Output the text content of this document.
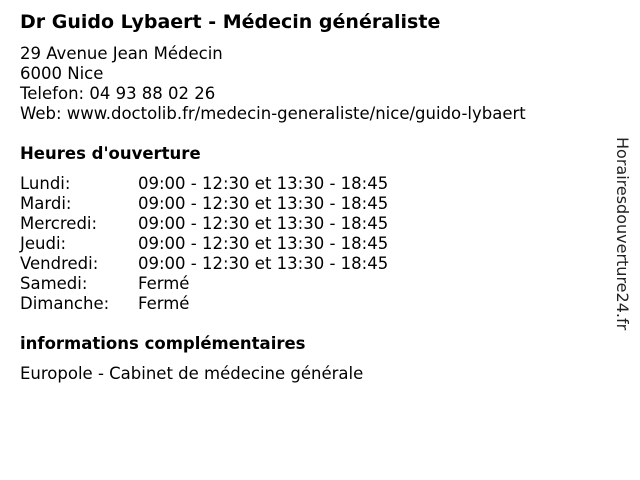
Dr Guido Lybaert - Médecin généraliste
29 Avenue Jean Médecin
6000 Nice
Telefon: 04 93 88 02 26
Web: www.doctolib.fr/medecin-generaliste/nice/guido-lybaert
Heures d'ouverture
Lundi:	09:00 - 12:30 et 13:30 - 18:45
Mardi:	09:00 - 12:30 et 13:30 - 18:45
Mercredi:	09:00 - 12:30 et 13:30 - 18:45
Jeudi:	09:00 - 12:30 et 13:30 - 18:45
Vendredi:	09:00 - 12:30 et 13:30 - 18:45
Samedi:	Fermé
Dimanche:	Fermé
informations complémentaires
Europole - Cabinet de médecine générale
Horairesdouverture24.fr
